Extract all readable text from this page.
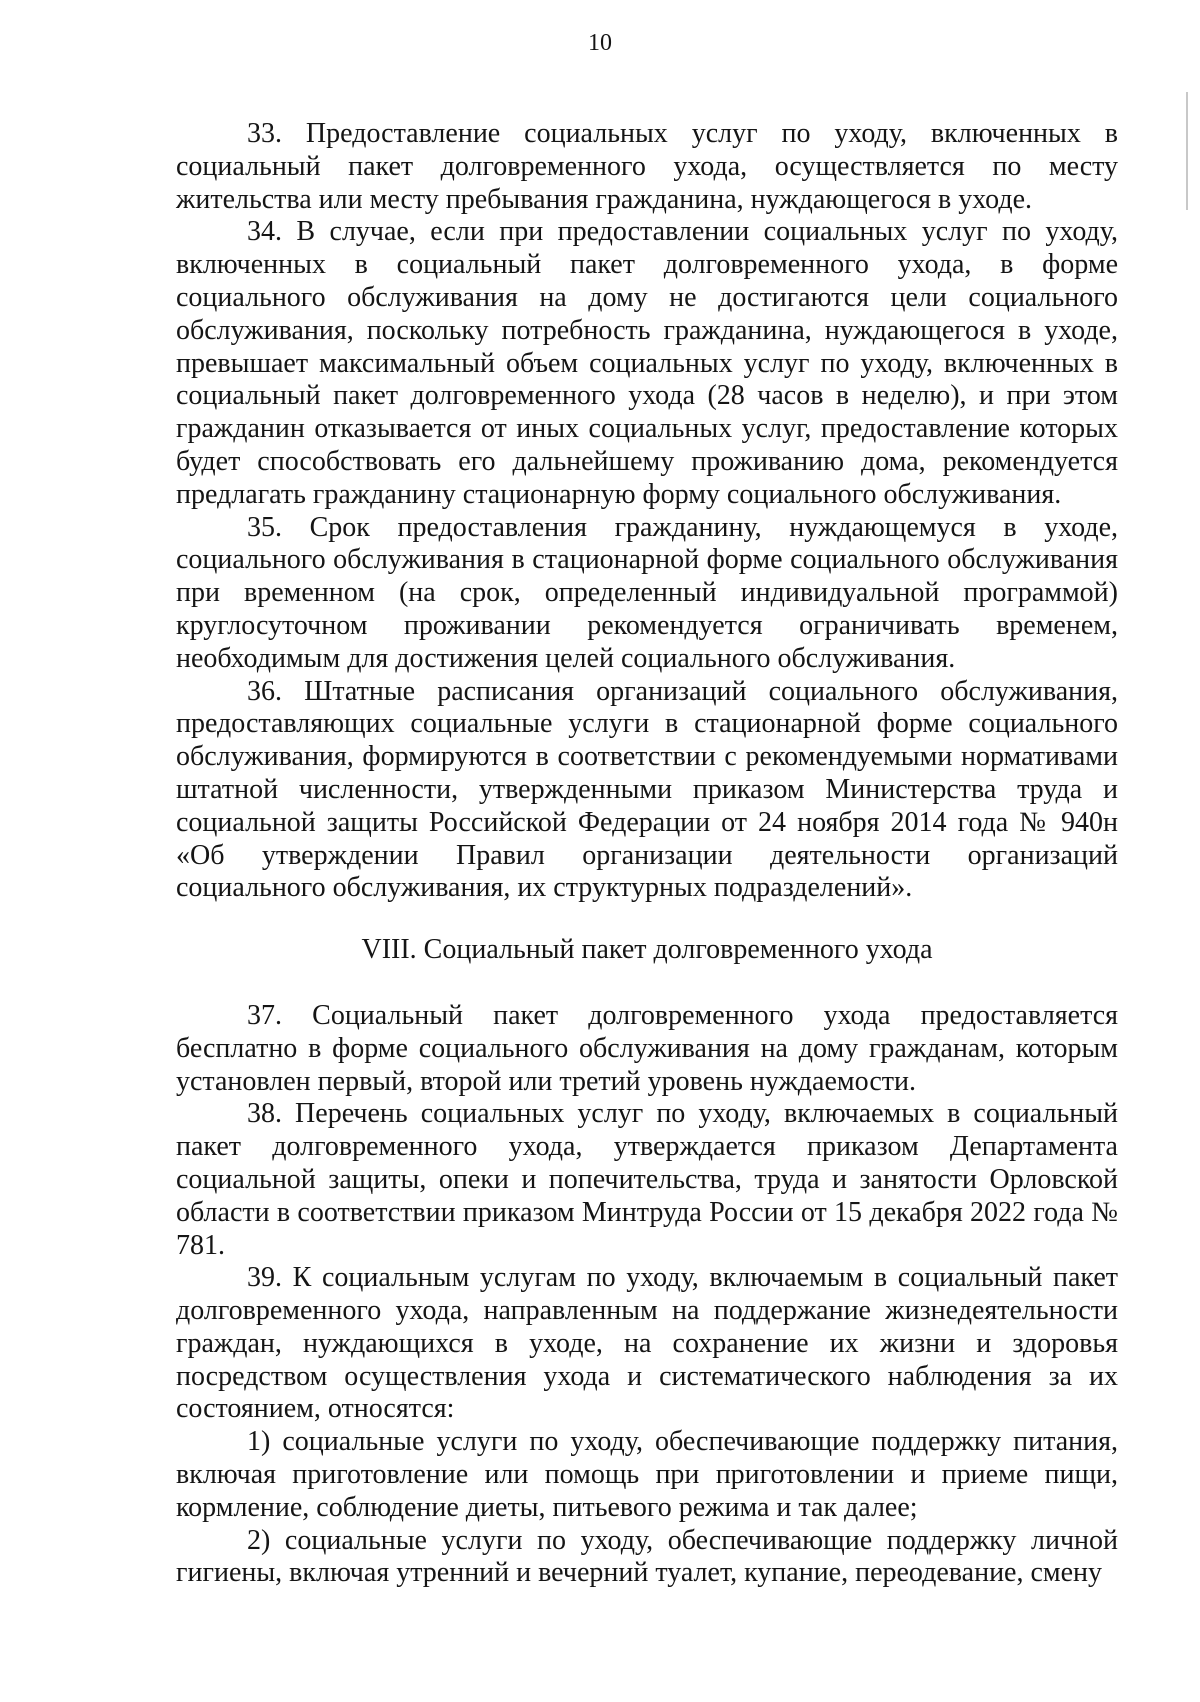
10

33. Предоставление социальных услуг по уходу, включенных в социальный пакет долговременного ухода, осуществляется по месту жительства или месту пребывания гражданина, нуждающегося в уходе.

34. В случае, если при предоставлении социальных услуг по уходу, включенных в социальный пакет долговременного ухода, в форме социального обслуживания на дому не достигаются цели социального обслуживания, поскольку потребность гражданина, нуждающегося в уходе, превышает максимальный объем социальных услуг по уходу, включенных в социальный пакет долговременного ухода (28 часов в неделю), и при этом гражданин отказывается от иных социальных услуг, предоставление которых будет способствовать его дальнейшему проживанию дома, рекомендуется предлагать гражданину стационарную форму социального обслуживания.

35. Срок предоставления гражданину, нуждающемуся в уходе, социального обслуживания в стационарной форме социального обслуживания при временном (на срок, определенный индивидуальной программой) круглосуточном проживании рекомендуется ограничивать временем, необходимым для достижения целей социального обслуживания.

36. Штатные расписания организаций социального обслуживания, предоставляющих социальные услуги в стационарной форме социального обслуживания, формируются в соответствии с рекомендуемыми нормативами штатной численности, утвержденными приказом Министерства труда и социальной защиты Российской Федерации от 24 ноября 2014 года № 940н «Об утверждении Правил организации деятельности организаций социального обслуживания, их структурных подразделений».

VIII. Социальный пакет долговременного ухода

37. Социальный пакет долговременного ухода предоставляется бесплатно в форме социального обслуживания на дому гражданам, которым установлен первый, второй или третий уровень нуждаемости.

38. Перечень социальных услуг по уходу, включаемых в социальный пакет долговременного ухода, утверждается приказом Департамента социальной защиты, опеки и попечительства, труда и занятости Орловской области в соответствии приказом Минтруда России от 15 декабря 2022 года № 781.

39. К социальным услугам по уходу, включаемым в социальный пакет долговременного ухода, направленным на поддержание жизнедеятельности граждан, нуждающихся в уходе, на сохранение их жизни и здоровья посредством осуществления ухода и систематического наблюдения за их состоянием, относятся:

1) социальные услуги по уходу, обеспечивающие поддержку питания, включая приготовление или помощь при приготовлении и приеме пищи, кормление, соблюдение диеты, питьевого режима и так далее;

2) социальные услуги по уходу, обеспечивающие поддержку личной гигиены, включая утренний и вечерний туалет, купание, переодевание, смену
